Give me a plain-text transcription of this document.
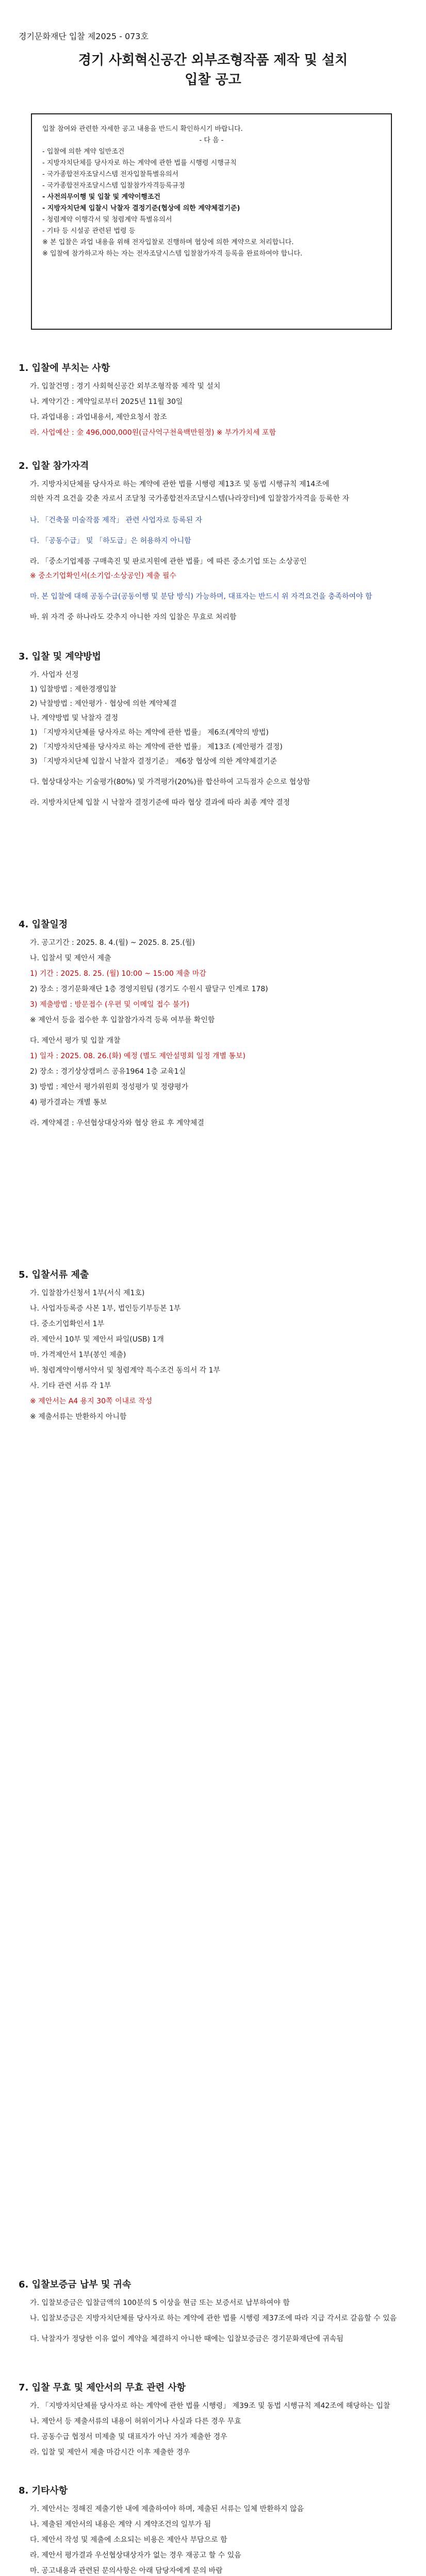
경기문화재단 입찰 제2025 - 073호
경기 사회혁신공간 외부조형작품 제작 및 설치
입찰 공고

입찰 참여와 관련한 자세한 공고 내용을 반드시 확인하시기 바랍니다.

- 다 음 -

- 입찰에 의한 계약 일반조건

- 지방자치단체를 당사자로 하는 계약에 관한 법률 시행령 시행규칙

- 국가종합전자조달시스템 전자입찰특별유의서

- 국가종합전자조달시스템 입찰참가자격등록규정

- 사전의무이행 및 입찰 및 계약이행조건

- 지방자치단체 입찰시 낙찰자 결정기준(협상에 의한 계약체결기준)

- 청렴계약 이행각서 및 청렴계약 특별유의서

- 기타 등 시설공 관련된 법령 등

※ 본 입찰은 과업 내용을 위해 전자입찰로 진행하며 협상에 의한 계약으로 처리합니다.

※ 입찰에 참가하고자 하는 자는 전자조달시스템 입찰참가자격 등록을 완료하여야 합니다.

1. 입찰에 부치는 사항
가. 입찰건명 : 경기 사회혁신공간 외부조형작품 제작 및 설치
나. 계약기간 : 계약일로부터 2025년 11월 30일
다. 과업내용 : 과업내용서, 제안요청서 참조
라. 사업예산 : 金 496,000,000원(금사억구천육백만원정) ※ 부가가치세 포함
2. 입찰 참가자격
가. 지방자치단체를 당사자로 하는 계약에 관한 법률 시행령 제13조 및 동법 시행규칙 제14조에
의한 자격 요건을 갖춘 자로서 조달청 국가종합전자조달시스템(나라장터)에 입찰참가자격을 등록한 자
나. 「건축물 미술작품 제작」 관련 사업자로 등록된 자
다. 「공동수급」 및 「하도급」은 허용하지 아니함
라. 「중소기업제품 구매촉진 및 판로지원에 관한 법률」에 따른 중소기업 또는 소상공인
※ 중소기업확인서(소기업·소상공인) 제출 필수
마. 본 입찰에 대해 공동수급(공동이행 및 분담 방식) 가능하며, 대표자는 반드시 위 자격요건을 충족하여야 함
바. 위 자격 중 하나라도 갖추지 아니한 자의 입찰은 무효로 처리함
3. 입찰 및 계약방법
가. 사업자 선정
1) 입찰방법 : 제한경쟁입찰
2) 낙찰방법 : 제안평가 · 협상에 의한 계약체결
나. 계약방법 및 낙찰자 결정
1) 「지방자치단체를 당사자로 하는 계약에 관한 법률」 제6조(계약의 방법)
2) 「지방자치단체를 당사자로 하는 계약에 관한 법률」 제13조 (제안평가 결정)
3) 「지방자치단체 입찰시 낙찰자 결정기준」 제6장 협상에 의한 계약체결기준
다. 협상대상자는 기술평가(80%) 및 가격평가(20%)를 합산하여 고득점자 순으로 협상함
라. 지방자치단체 입찰 시 낙찰자 결정기준에 따라 협상 결과에 따라 최종 계약 결정
4. 입찰일정
가. 공고기간 : 2025. 8. 4.(월) ~ 2025. 8. 25.(월)
나. 입찰서 및 제안서 제출
1) 기간 : 2025. 8. 25. (월) 10:00 ~ 15:00 제출 마감
2) 장소 : 경기문화재단 1층 경영지원팀 (경기도 수원시 팔달구 인계로 178)
3) 제출방법 : 방문접수 (우편 및 이메일 접수 불가)
※ 제안서 등을 접수한 후 입찰참가자격 등록 여부를 확인함
다. 제안서 평가 및 입찰 개찰
1) 일자 : 2025. 08. 26.(화) 예정 (별도 제안설명회 일정 개별 통보)
2) 장소 : 경기상상캠퍼스 공유1964 1층 교육1실
3) 방법 : 제안서 평가위원회 정성평가 및 정량평가
4) 평가결과는 개별 통보
라. 계약체결 : 우선협상대상자와 협상 완료 후 계약체결
5. 입찰서류 제출
가. 입찰참가신청서 1부(서식 제1호)
나. 사업자등록증 사본 1부, 법인등기부등본 1부
다. 중소기업확인서 1부
라. 제안서 10부 및 제안서 파일(USB) 1개
마. 가격제안서 1부(봉인 제출)
바. 청렴계약이행서약서 및 청렴계약 특수조건 동의서 각 1부
사. 기타 관련 서류 각 1부
※ 제안서는 A4 용지 30쪽 이내로 작성
※ 제출서류는 반환하지 아니함
6. 입찰보증금 납부 및 귀속
가. 입찰보증금은 입찰금액의 100분의 5 이상을 현금 또는 보증서로 납부하여야 함
나. 입찰보증금은 지방자치단체를 당사자로 하는 계약에 관한 법률 시행령 제37조에 따라 지급 각서로 갈음할 수 있음
다. 낙찰자가 정당한 이유 없이 계약을 체결하지 아니한 때에는 입찰보증금은 경기문화재단에 귀속됨
7. 입찰 무효 및 제안서의 무효 관련 사항
가. 「지방자치단체를 당사자로 하는 계약에 관한 법률 시행령」 제39조 및 동법 시행규칙 제42조에 해당하는 입찰
나. 제안서 등 제출서류의 내용이 허위이거나 사실과 다른 경우 무효
다. 공동수급 협정서 미제출 및 대표자가 아닌 자가 제출한 경우
라. 입찰 및 제안서 제출 마감시간 이후 제출한 경우
8. 기타사항
가. 제안서는 정해진 제출기한 내에 제출하여야 하며, 제출된 서류는 일체 반환하지 않음
나. 제출된 제안서의 내용은 계약 시 계약조건의 일부가 됨
다. 제안서 작성 및 제출에 소요되는 비용은 제안사 부담으로 함
라. 제안서 평가결과 우선협상대상자가 없는 경우 재공고 할 수 있음
마. 공고내용과 관련된 문의사항은 아래 담당자에게 문의 바람
